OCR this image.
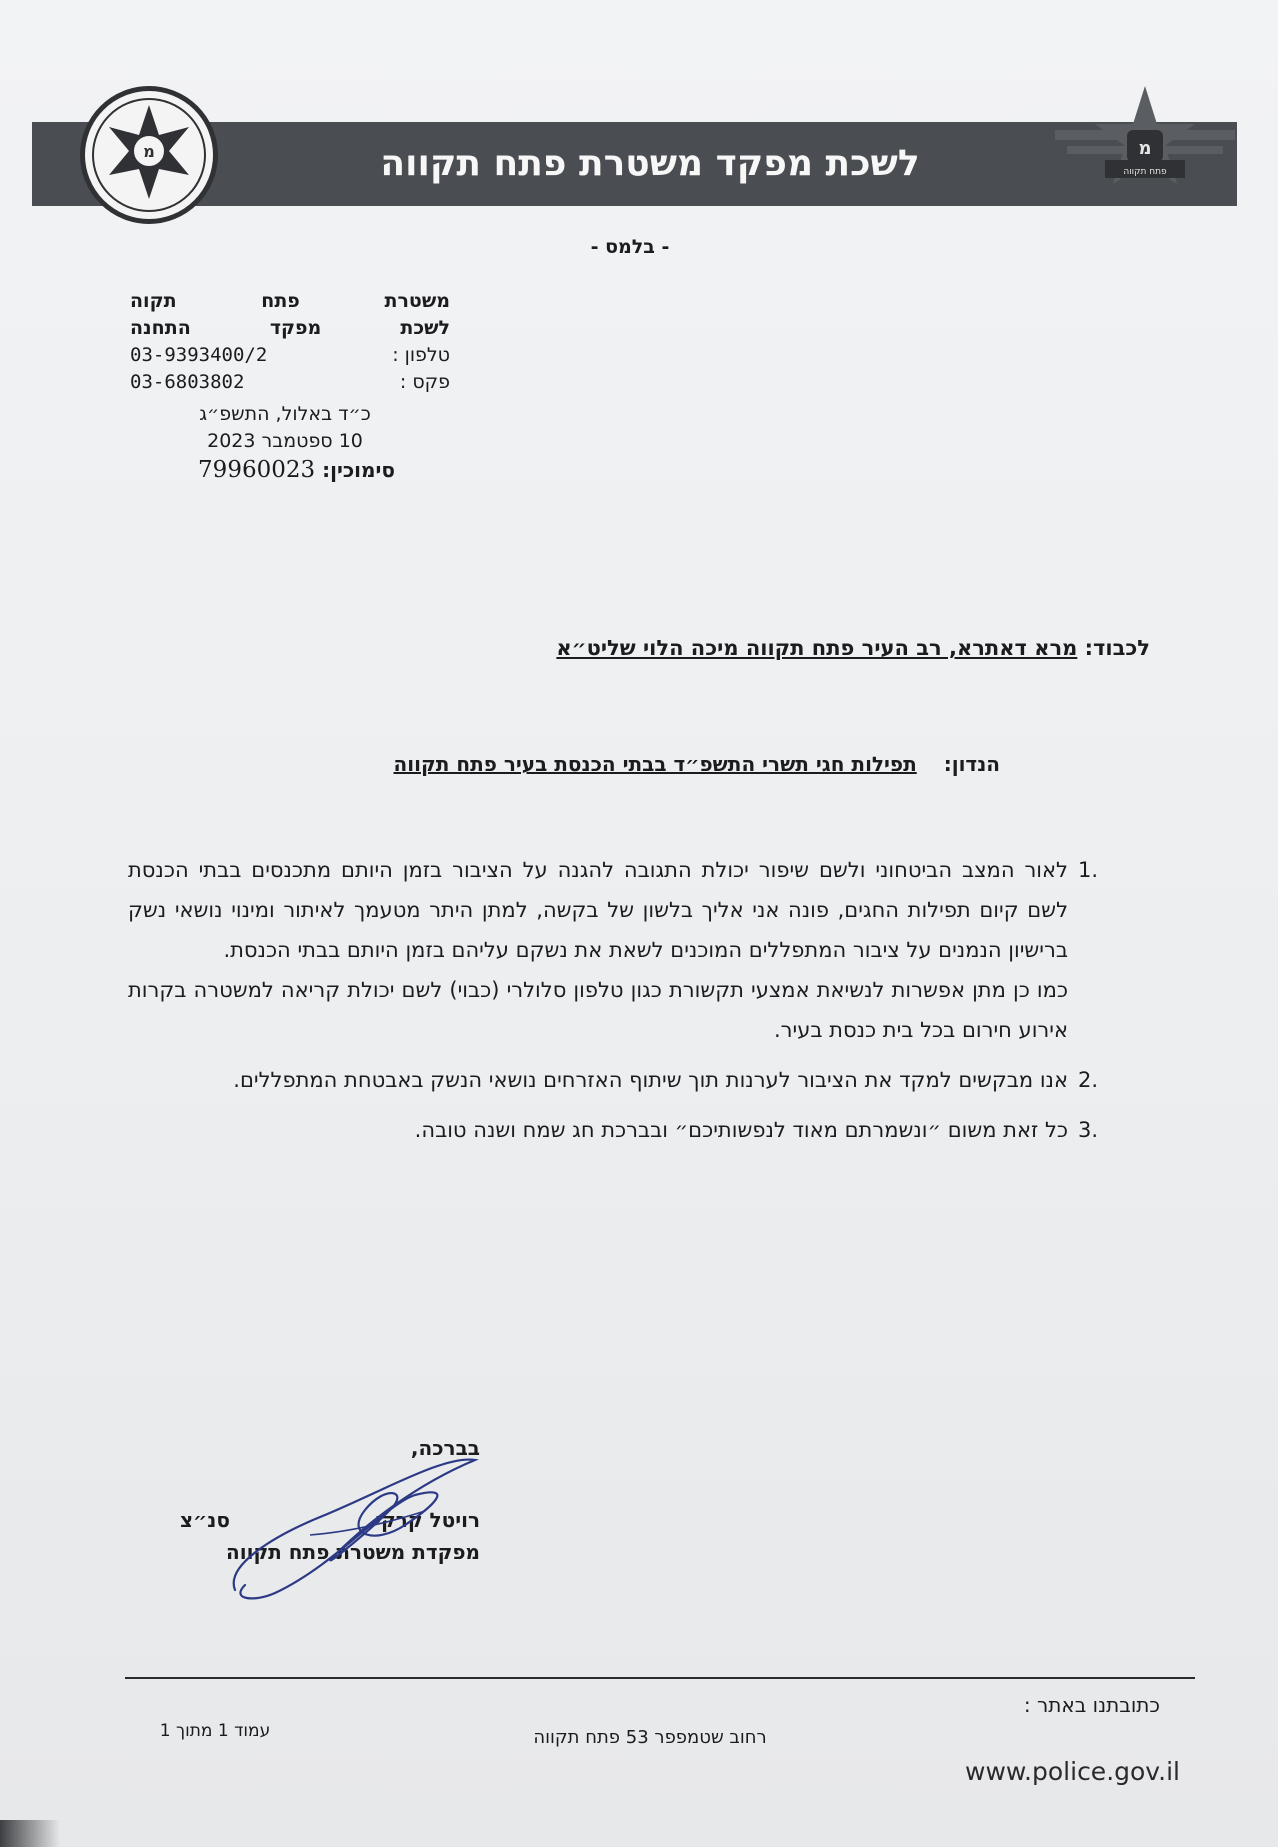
מ	לשכת מפקד משטרת פתח תקווה	מ
פתח תקווה
- בלמס -
משטרת
פתח
תקוה
לשכת
מפקד
התחנה
טלפון :
03-9393400/2
פקס :
03-6803802
כ״ד באלול, התשפ״ג
10 ספטמבר 2023
סימוכין: 79960023
לכבוד: מרא דאתרא, רב העיר פתח תקווה מיכה הלוי שליט״א
הנדון: תפילות חגי תשרי התשפ״ד בבתי הכנסת בעיר פתח תקווה
1.

לאור המצב הביטחוני ולשם שיפור יכולת התגובה להגנה על הציבור בזמן היותם מתכנסים בבתי הכנסת לשם קיום תפילות החגים, פונה אני אליך בלשון של בקשה, למתן היתר מטעמך לאיתור ומינוי נושאי נשק ברישיון הנמנים על ציבור המתפללים המוכנים לשאת את נשקם עליהם בזמן היותם בבתי הכנסת.

כמו כן מתן אפשרות לנשיאת אמצעי תקשורת כגון טלפון סלולרי (כבוי) לשם יכולת קריאה למשטרה בקרות אירוע חירום בכל בית כנסת בעיר.

2.

אנו מבקשים למקד את הציבור לערנות תוך שיתוף האזרחים נושאי הנשק באבטחת המתפללים.

3.

כל זאת משום ״ונשמרתם מאוד לנפשותיכם״ ובברכת חג שמח ושנה טובה.

בברכה,
רויטל קרקי
סנ״צ
מפקדת משטרת פתח תקווה
כתובתנו באתר :
רחוב שטמפפר 53 פתח תקווה
עמוד 1 מתוך 1
www.police.gov.il
